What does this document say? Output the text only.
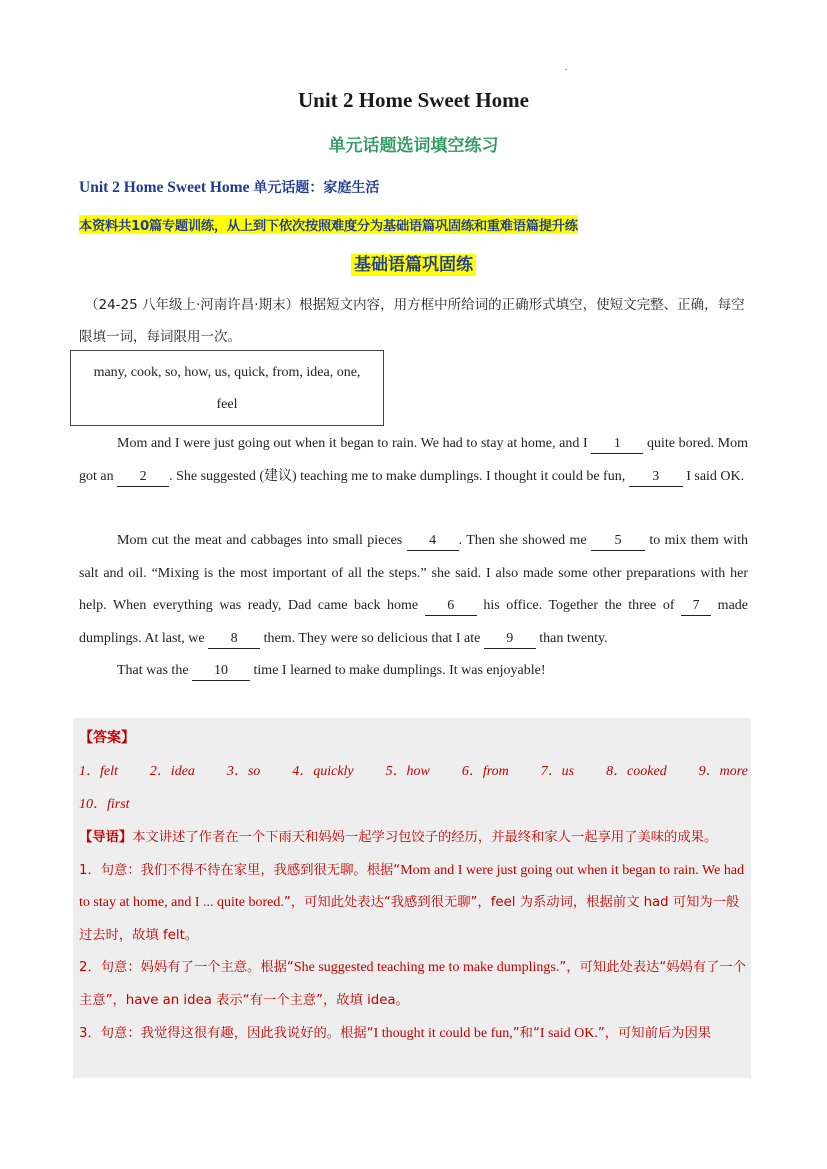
.
Unit 2 Home Sweet Home
单元话题选词填空练习
Unit 2 Home Sweet Home 单元话题：家庭生活
本资料共10篇专题训练，从上到下依次按照难度分为基础语篇巩固练和重难语篇提升练
基础语篇巩固练
（24-25 八年级上·河南许昌·期末）根据短文内容，用方框中所给词的正确形式填空，使短文完整、正确，每空限填一词，每词限用一次。
many, cook, so, how, us, quick, from, idea, one,
feel

Mom and I were just going out when it began to rain. We had to stay at home, and I 1 quite bored. Mom got an 2 . She suggested (建议) teaching me to make dumplings. I thought it could be fun, 3 I said OK.

Mom cut the meat and cabbages into small pieces 4 . Then she showed me 5 to mix them with salt and oil. “Mixing is the most important of all the steps.” she said. I also made some other preparations with her help. When everything was ready, Dad came back home 6 his office. Together the three of 7 made dumplings. At last, we 8 them. They were so delicious that I ate 9 than twenty.

That was the 10 time I learned to make dumplings. It was enjoyable!

【答案】
1．felt 2．idea 3．so 4．quickly 5．how 6．from 7．us 8．cooked 9．more
10．first

【导语】本文讲述了作者在一个下雨天和妈妈一起学习包饺子的经历，并最终和家人一起享用了美味的成果。

1．句意：我们不得不待在家里，我感到很无聊。根据“Mom and I were just going out when it began to rain. We had to stay at home, and I ... quite bored.”，可知此处表达“我感到很无聊”，feel 为系动词，根据前文 had 可知为一般过去时，故填 felt。

2．句意：妈妈有了一个主意。根据“She suggested teaching me to make dumplings.”，可知此处表达“妈妈有了一个主意”，have an idea 表示“有一个主意”，故填 idea。

3．句意：我觉得这很有趣，因此我说好的。根据“I thought it could be fun,”和“I said OK.”，可知前后为因果
